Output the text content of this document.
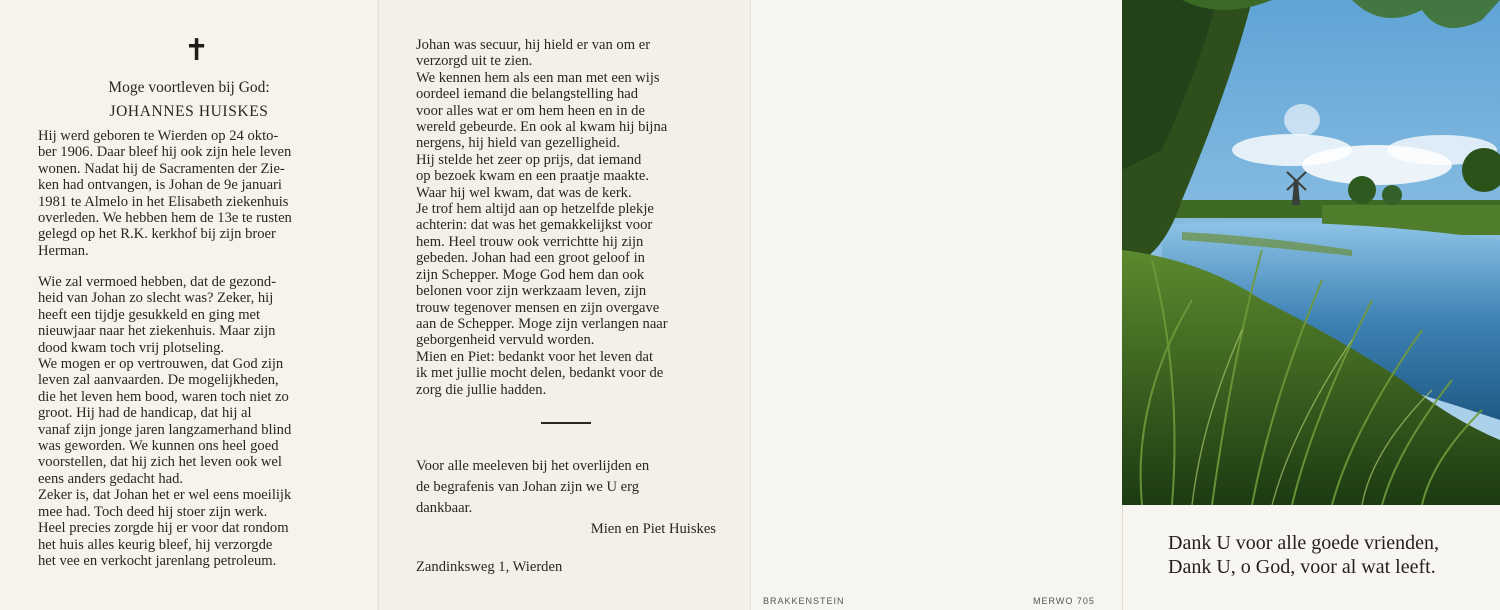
✝
Moge voortleven bij God:
JOHANNES HUISKES

Hij werd geboren te Wierden op 24 okto-

ber 1906. Daar bleef hij ook zijn hele leven

wonen. Nadat hij de Sacramenten der Zie-

ken had ontvangen, is Johan de 9e januari

1981 te Almelo in het Elisabeth ziekenhuis

overleden. We hebben hem de 13e te rusten

gelegd op het R.K. kerkhof bij zijn broer

Herman.

Wie zal vermoed hebben, dat de gezond-

heid van Johan zo slecht was? Zeker, hij

heeft een tijdje gesukkeld en ging met

nieuwjaar naar het ziekenhuis. Maar zijn

dood kwam toch vrij plotseling.

We mogen er op vertrouwen, dat God zijn

leven zal aanvaarden. De mogelijkheden,

die het leven hem bood, waren toch niet zo

groot. Hij had de handicap, dat hij al

vanaf zijn jonge jaren langzamerhand blind

was geworden. We kunnen ons heel goed

voorstellen, dat hij zich het leven ook wel

eens anders gedacht had.

Zeker is, dat Johan het er wel eens moeilijk

mee had. Toch deed hij stoer zijn werk.

Heel precies zorgde hij er voor dat rondom

het huis alles keurig bleef, hij verzorgde

het vee en verkocht jarenlang petroleum.

Johan was secuur, hij hield er van om er

verzorgd uit te zien.

We kennen hem als een man met een wijs

oordeel iemand die belangstelling had

voor alles wat er om hem heen en in de

wereld gebeurde. En ook al kwam hij bijna

nergens, hij hield van gezelligheid.

Hij stelde het zeer op prijs, dat iemand

op bezoek kwam en een praatje maakte.

Waar hij wel kwam, dat was de kerk.

Je trof hem altijd aan op hetzelfde plekje

achterin: dat was het gemakkelijkst voor

hem. Heel trouw ook verrichtte hij zijn

gebeden. Johan had een groot geloof in

zijn Schepper. Moge God hem dan ook

belonen voor zijn werkzaam leven, zijn

trouw tegenover mensen en zijn overgave

aan de Schepper. Moge zijn verlangen naar

geborgenheid vervuld worden.

Mien en Piet: bedankt voor het leven dat

ik met jullie mocht delen, bedankt voor de

zorg die jullie hadden.

Voor alle meeleven bij het overlijden en
de begrafenis van Johan zijn we U erg
dankbaar.
Mien en Piet Huiskes
Zandinksweg 1, Wierden
BRAKKENSTEIN	MERWO 705
Dank U voor alle goede vrienden,
Dank U, o God, voor al wat leeft.
